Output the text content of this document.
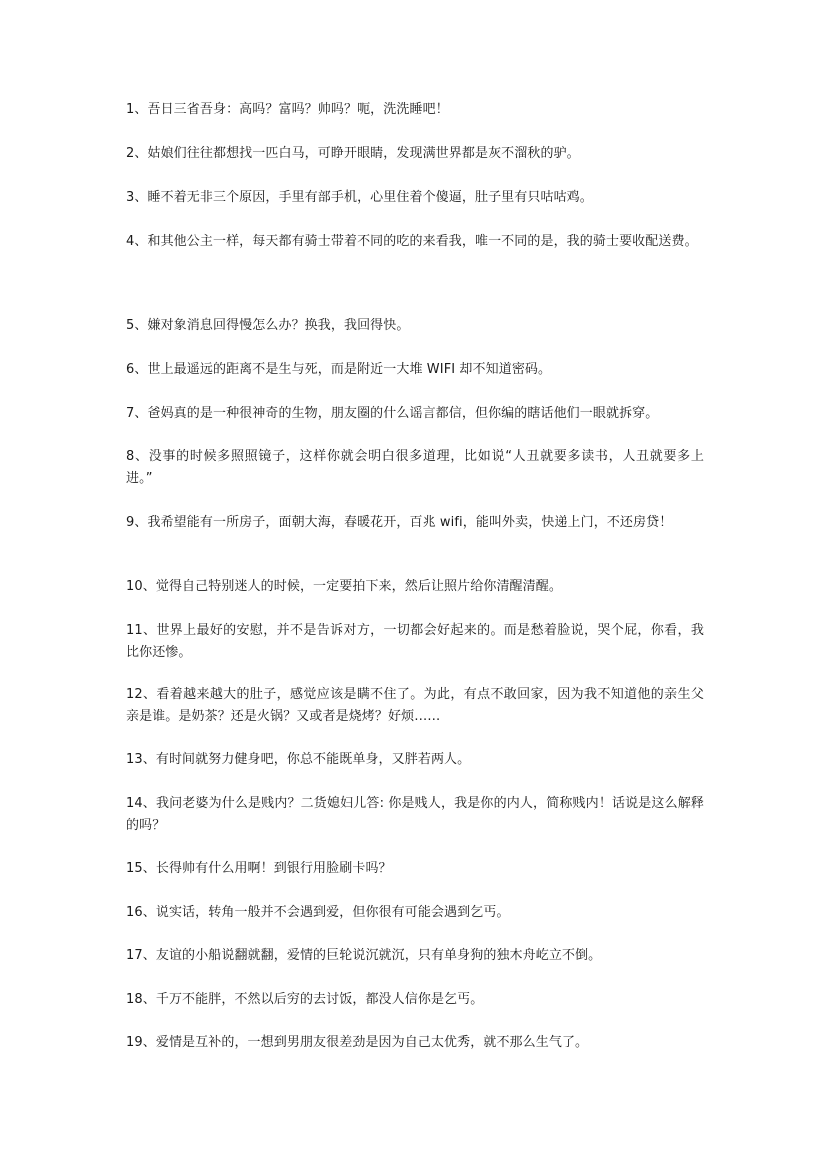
1、吾日三省吾身：高吗？富吗？帅吗？呃，洗洗睡吧！

2、姑娘们往往都想找一匹白马，可睁开眼睛，发现满世界都是灰不溜秋的驴。

3、睡不着无非三个原因，手里有部手机，心里住着个傻逼，肚子里有只咕咕鸡。

4、和其他公主一样，每天都有骑士带着不同的吃的来看我，唯一不同的是，我的骑士要收配送费。

5、嫌对象消息回得慢怎么办？换我，我回得快。

6、世上最遥远的距离不是生与死，而是附近一大堆 WIFI 却不知道密码。

7、爸妈真的是一种很神奇的生物，朋友圈的什么谣言都信，但你编的瞎话他们一眼就拆穿。

8、没事的时候多照照镜子，这样你就会明白很多道理，比如说“人丑就要多读书，人丑就要多上进。”

9、我希望能有一所房子，面朝大海，春暖花开，百兆 wifi，能叫外卖，快递上门，不还房贷！

10、觉得自己特别迷人的时候，一定要拍下来，然后让照片给你清醒清醒。

11、世界上最好的安慰，并不是告诉对方，一切都会好起来的。而是愁着脸说，哭个屁，你看，我比你还惨。

12、看着越来越大的肚子，感觉应该是瞒不住了。为此，有点不敢回家，因为我不知道他的亲生父亲是谁。是奶茶？还是火锅？又或者是烧烤？好烦……

13、有时间就努力健身吧，你总不能既单身，又胖若两人。

14、我问老婆为什么是贱内？二货媳妇儿答: 你是贱人，我是你的内人，简称贱内！话说是这么解释的吗？

15、长得帅有什么用啊！到银行用脸刷卡吗？

16、说实话，转角一般并不会遇到爱，但你很有可能会遇到乞丐。

17、友谊的小船说翻就翻，爱情的巨轮说沉就沉，只有单身狗的独木舟屹立不倒。

18、千万不能胖，不然以后穷的去讨饭，都没人信你是乞丐。

19、爱情是互补的，一想到男朋友很差劲是因为自己太优秀，就不那么生气了。
